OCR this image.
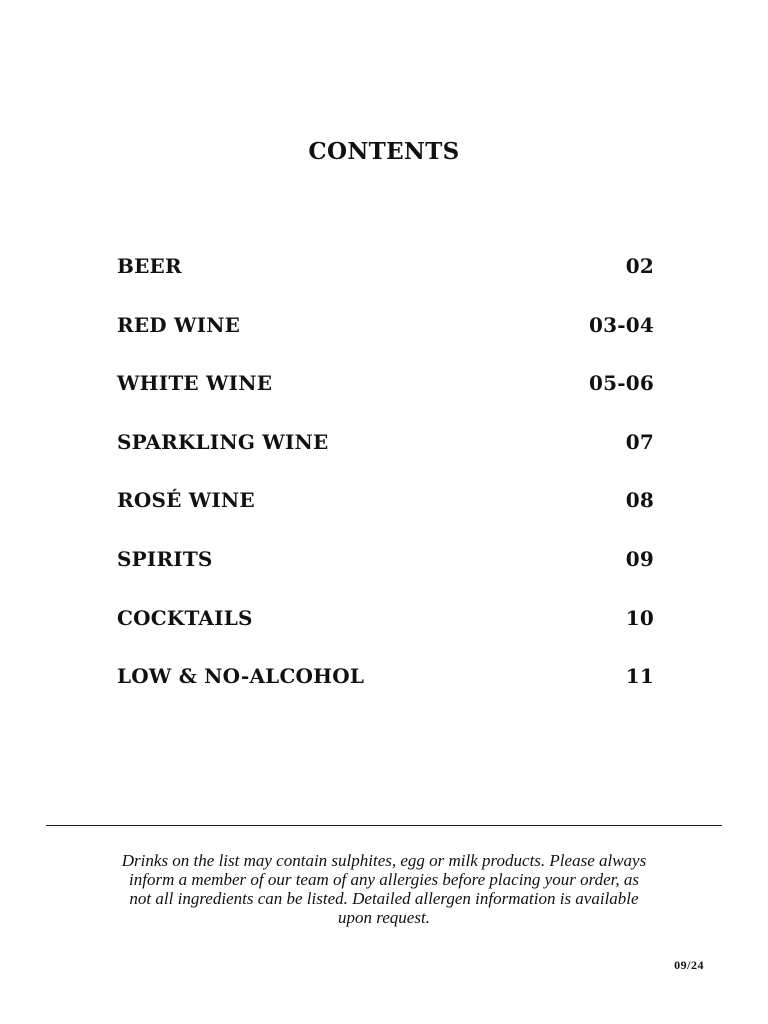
CONTENTS
BEER	02
RED WINE	03-04
WHITE WINE	05-06
SPARKLING WINE	07
ROSÉ WINE	08
SPIRITS	09
COCKTAILS	10
LOW & NO-ALCOHOL	11

Drinks on the list may contain sulphites, egg or milk products. Please always inform a member of our team of any allergies before placing your order, as not all ingredients can be listed. Detailed allergen information is available upon request.

09/24
